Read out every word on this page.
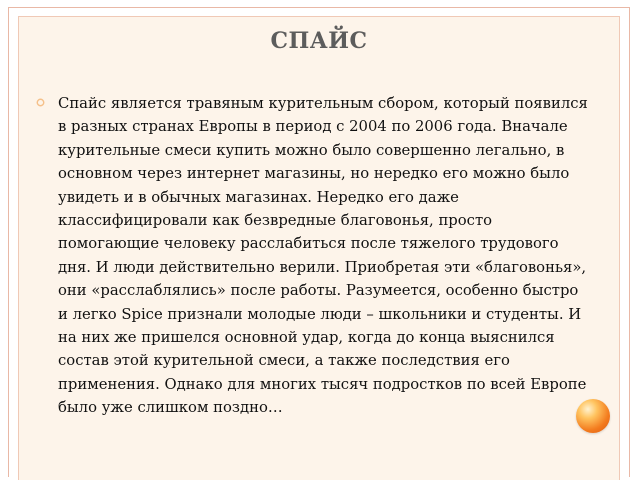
СПАЙС
Спайс является травяным курительным сбором, который появился в разных странах Европы в период с 2004 по 2006 года. Вначале курительные смеси купить можно было совершенно легально, в основном через интернет магазины, но нередко его можно было увидеть и в обычных магазинах. Нередко его даже классифицировали как безвредные благовонья, просто помогающие человеку расслабиться после тяжелого трудового дня. И люди действительно верили. Приобретая эти «благовонья», они «расслаблялись» после работы. Разумеется, особенно быстро и легко Spice признали молодые люди – школьники и студенты. И на них же пришелся основной удар, когда до конца выяснился состав этой курительной смеси, а также последствия его применения. Однако для многих тысяч подростков по всей Европе было уже слишком поздно…
